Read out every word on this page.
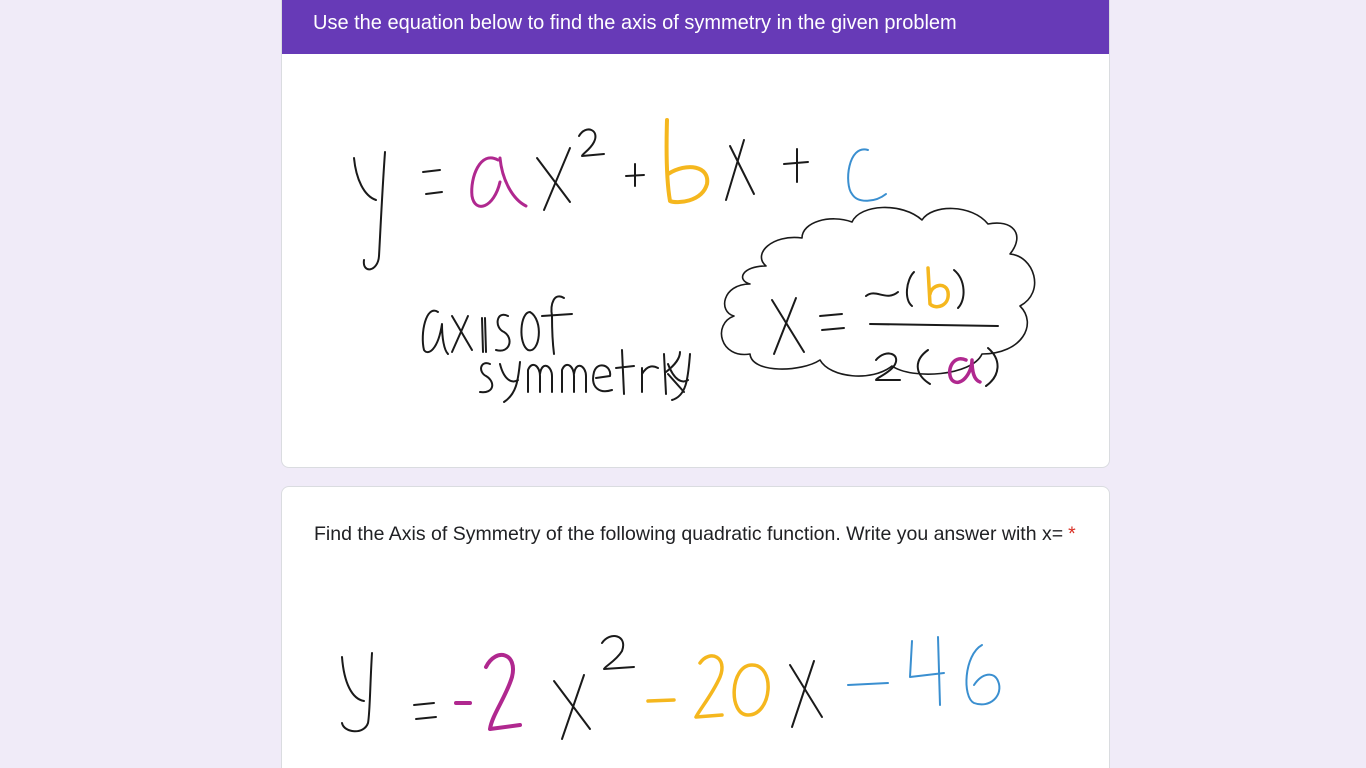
Use the equation below to find the axis of symmetry in the given problem
Find the Axis of Symmetry of the following quadratic function. Write you answer with x= *
